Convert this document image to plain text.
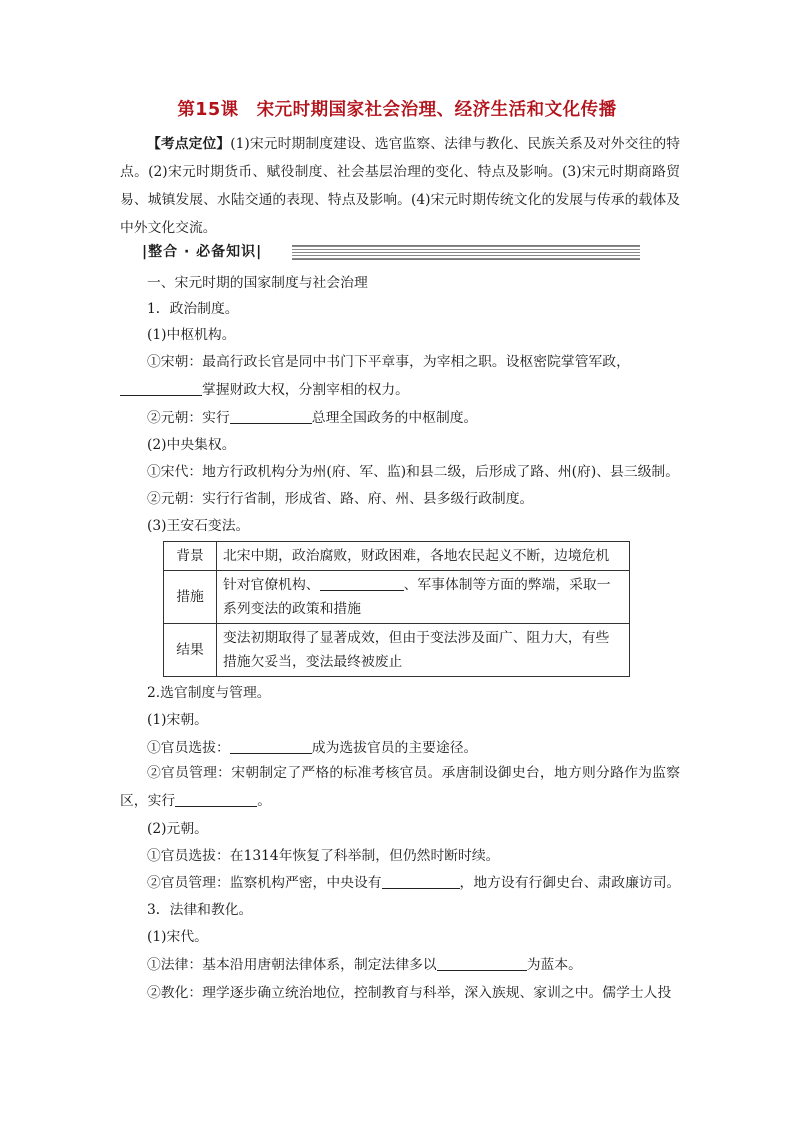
第15课　宋元时期国家社会治理、经济生活和文化传播
【考点定位】(1)宋元时期制度建设、选官监察、法律与教化、民族关系及对外交往的特点。(2)宋元时期货币、赋役制度、社会基层治理的变化、特点及影响。(3)宋元时期商路贸易、城镇发展、水陆交通的表现、特点及影响。(4)宋元时期传统文化的发展与传承的载体及中外文化交流。
|整合 · 必备知识|
一、宋元时期的国家制度与社会治理
1．政治制度。
(1)中枢机构。
①宋朝：最高行政长官是同中书门下平章事，为宰相之职。设枢密院掌管军政，
掌握财政大权，分割宰相的权力。
②元朝：实行	总理全国政务的中枢制度。
(2)中央集权。
①宋代：地方行政机构分为州(府、军、监)和县二级，后形成了路、州(府)、县三级制。
②元朝：实行行省制，形成省、路、府、州、县多级行政制度。
(3)王安石变法。
背景	北宋中期，政治腐败，财政困难，各地农民起义不断，边境危机
措施	针对官僚机构、 、军事体制等方面的弊端，采取一系列变法的政策和措施
结果	变法初期取得了显著成效，但由于变法涉及面广、阻力大，有些措施欠妥当，变法最终被废止
2.选官制度与管理。
(1)宋朝。
①官员选拔：	成为选拔官员的主要途径。
②官员管理：宋朝制定了严格的标准考核官员。承唐制设御史台，地方则分路作为监察区，实行	。
(2)元朝。
①官员选拔：在1314年恢复了科举制，但仍然时断时续。
②官员管理：监察机构严密，中央设有	，地方设有行御史台、肃政廉访司。
3．法律和教化。
(1)宋代。
①法律：基本沿用唐朝法律体系，制定法律多以	为蓝本。
②教化：理学逐步确立统治地位，控制教育与科举，深入族规、家训之中。儒学士人投
